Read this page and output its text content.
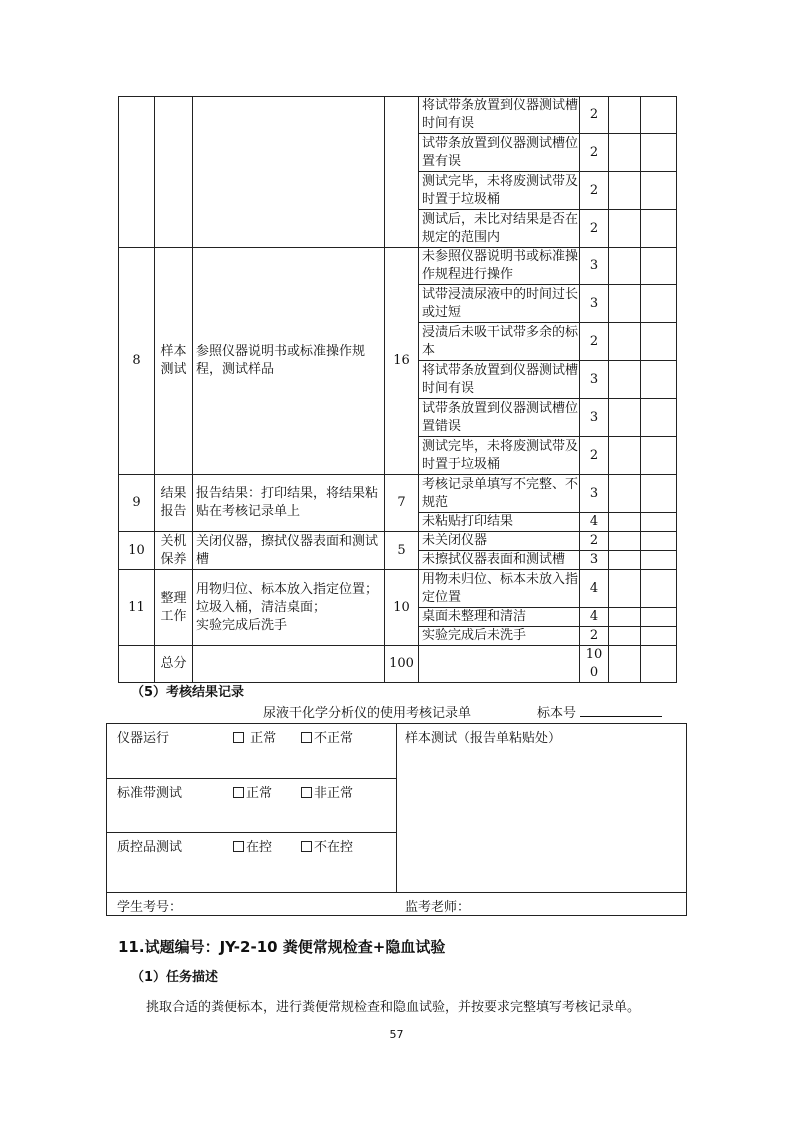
				将试带条放置到仪器测试槽时间有误	2		
				试带条放置到仪器测试槽位置有误	2		
				测试完毕，未将废测试带及时置于垃圾桶	2		
				测试后，未比对结果是否在规定的范围内	2		
8	样本测试	参照仪器说明书或标准操作规程，测试样品	16	未参照仪器说明书或标准操作规程进行操作	3		
				试带浸渍尿液中的时间过长或过短	3		
				浸渍后未吸干试带多余的标本	2		
				将试带条放置到仪器测试槽时间有误	3		
				试带条放置到仪器测试槽位置错误	3		
				测试完毕，未将废测试带及时置于垃圾桶	2		
9	结果报告	报告结果：打印结果，将结果粘贴在考核记录单上	7	考核记录单填写不完整、不规范	3		
				未粘贴打印结果	4		
10	关机保养	关闭仪器，擦拭仪器表面和测试槽	5	未关闭仪器	2		
				未擦拭仪器表面和测试槽	3		
11	整理工作	用物归位、标本放入指定位置；
垃圾入桶，清洁桌面；
实验完成后洗手	10	用物未归位、标本未放入指定位置	4		
				桌面未整理和清洁	4		
				实验完成后未洗手	2		
	总分		100		100		
（5）考核结果记录
尿液干化学分析仪的使用考核记录单	标本号
仪器运行	正常	不正常
标准带测试	正常	非正常
质控品测试	在控	不在控
样本测试（报告单粘贴处）
学生考号：	监考老师：
11.试题编号：JY-2-10 粪便常规检查+隐血试验
（1）任务描述
挑取合适的粪便标本，进行粪便常规检查和隐血试验，并按要求完整填写考核记录单。
57
